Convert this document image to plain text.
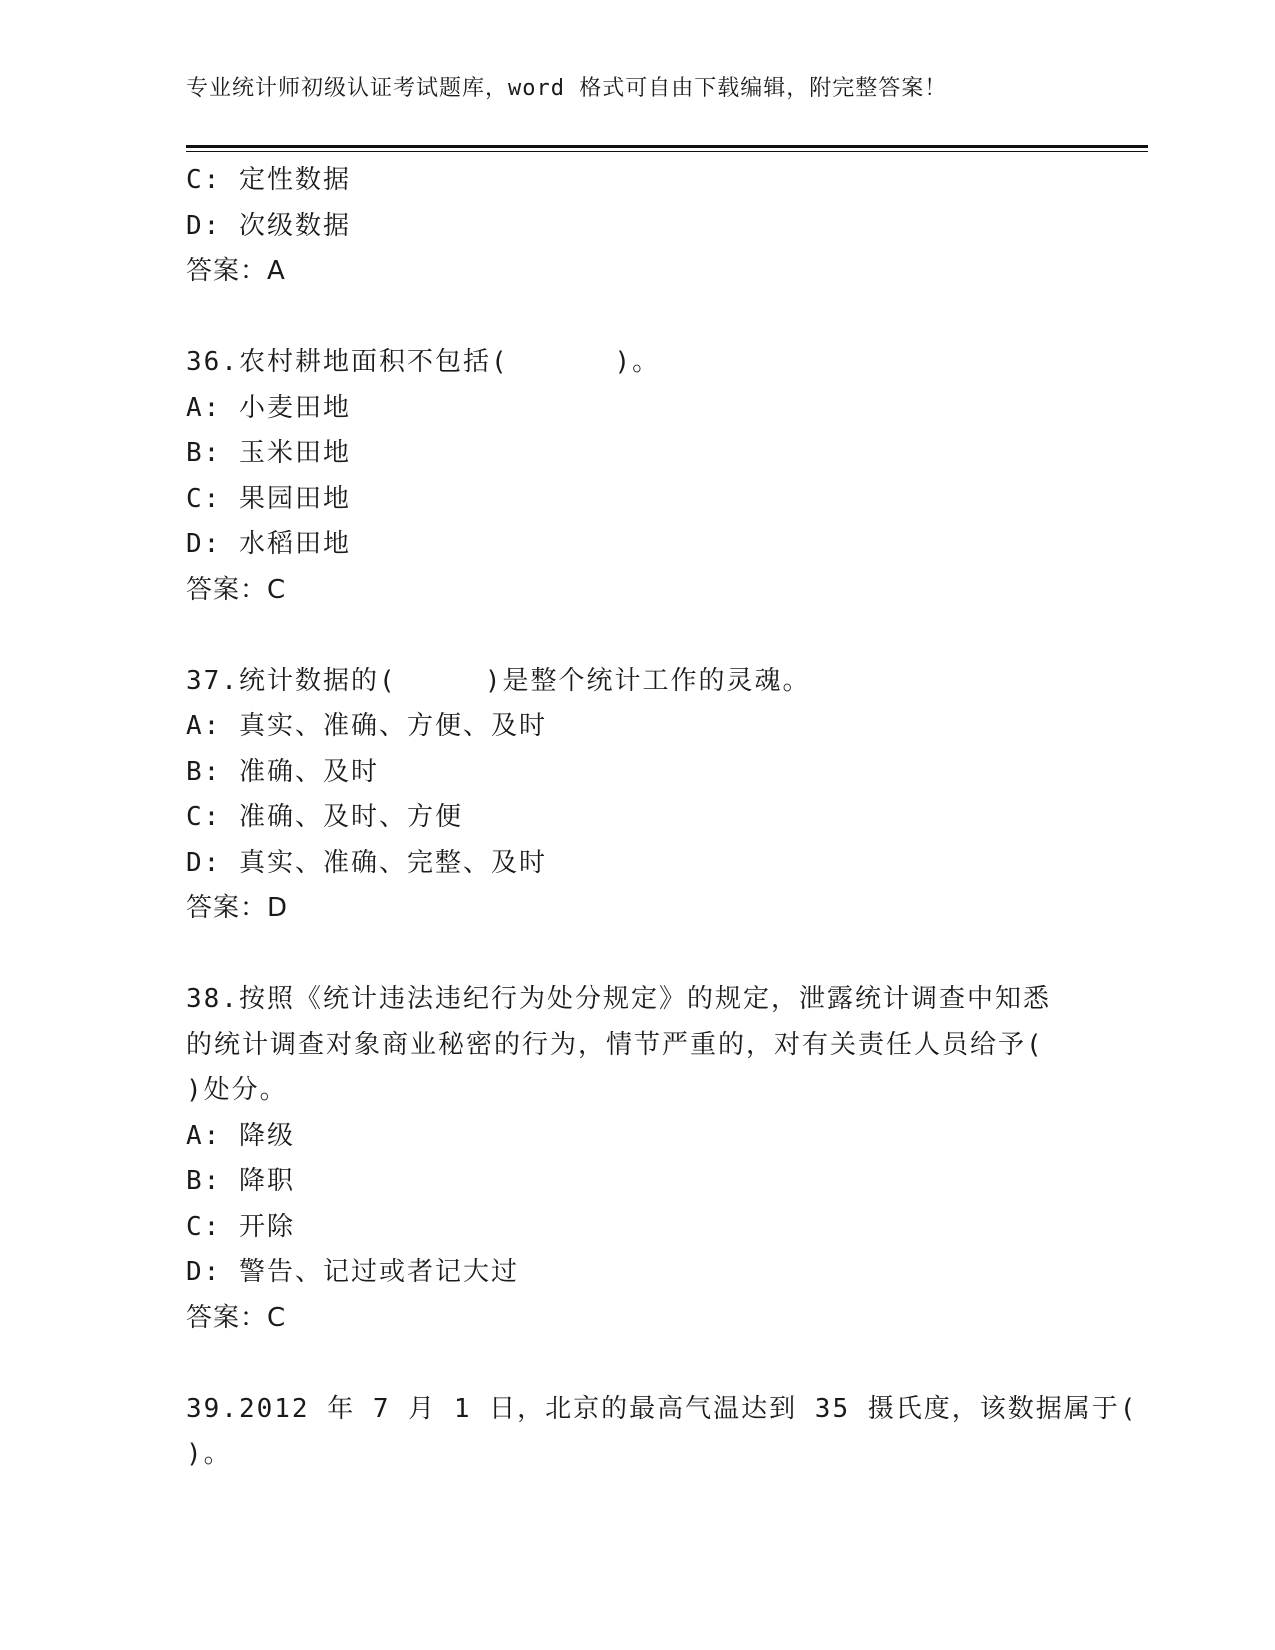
专业统计师初级认证考试题库，word 格式可自由下载编辑，附完整答案！
C: 定性数据
D: 次级数据
答案：A
36.农村耕地面积不包括(      )。
A: 小麦田地
B: 玉米田地
C: 果园田地
D: 水稻田地
答案：C
37.统计数据的(     )是整个统计工作的灵魂。
A: 真实、准确、方便、及时
B: 准确、及时
C: 准确、及时、方便
D: 真实、准确、完整、及时
答案：D
38.按照《统计违法违纪行为处分规定》的规定，泄露统计调查中知悉
的统计调查对象商业秘密的行为，情节严重的，对有关责任人员给予(
)处分。
A: 降级
B: 降职
C: 开除
D: 警告、记过或者记大过
答案：C
39.2012 年 7 月 1 日，北京的最高气温达到 35 摄氏度，该数据属于(
)。
